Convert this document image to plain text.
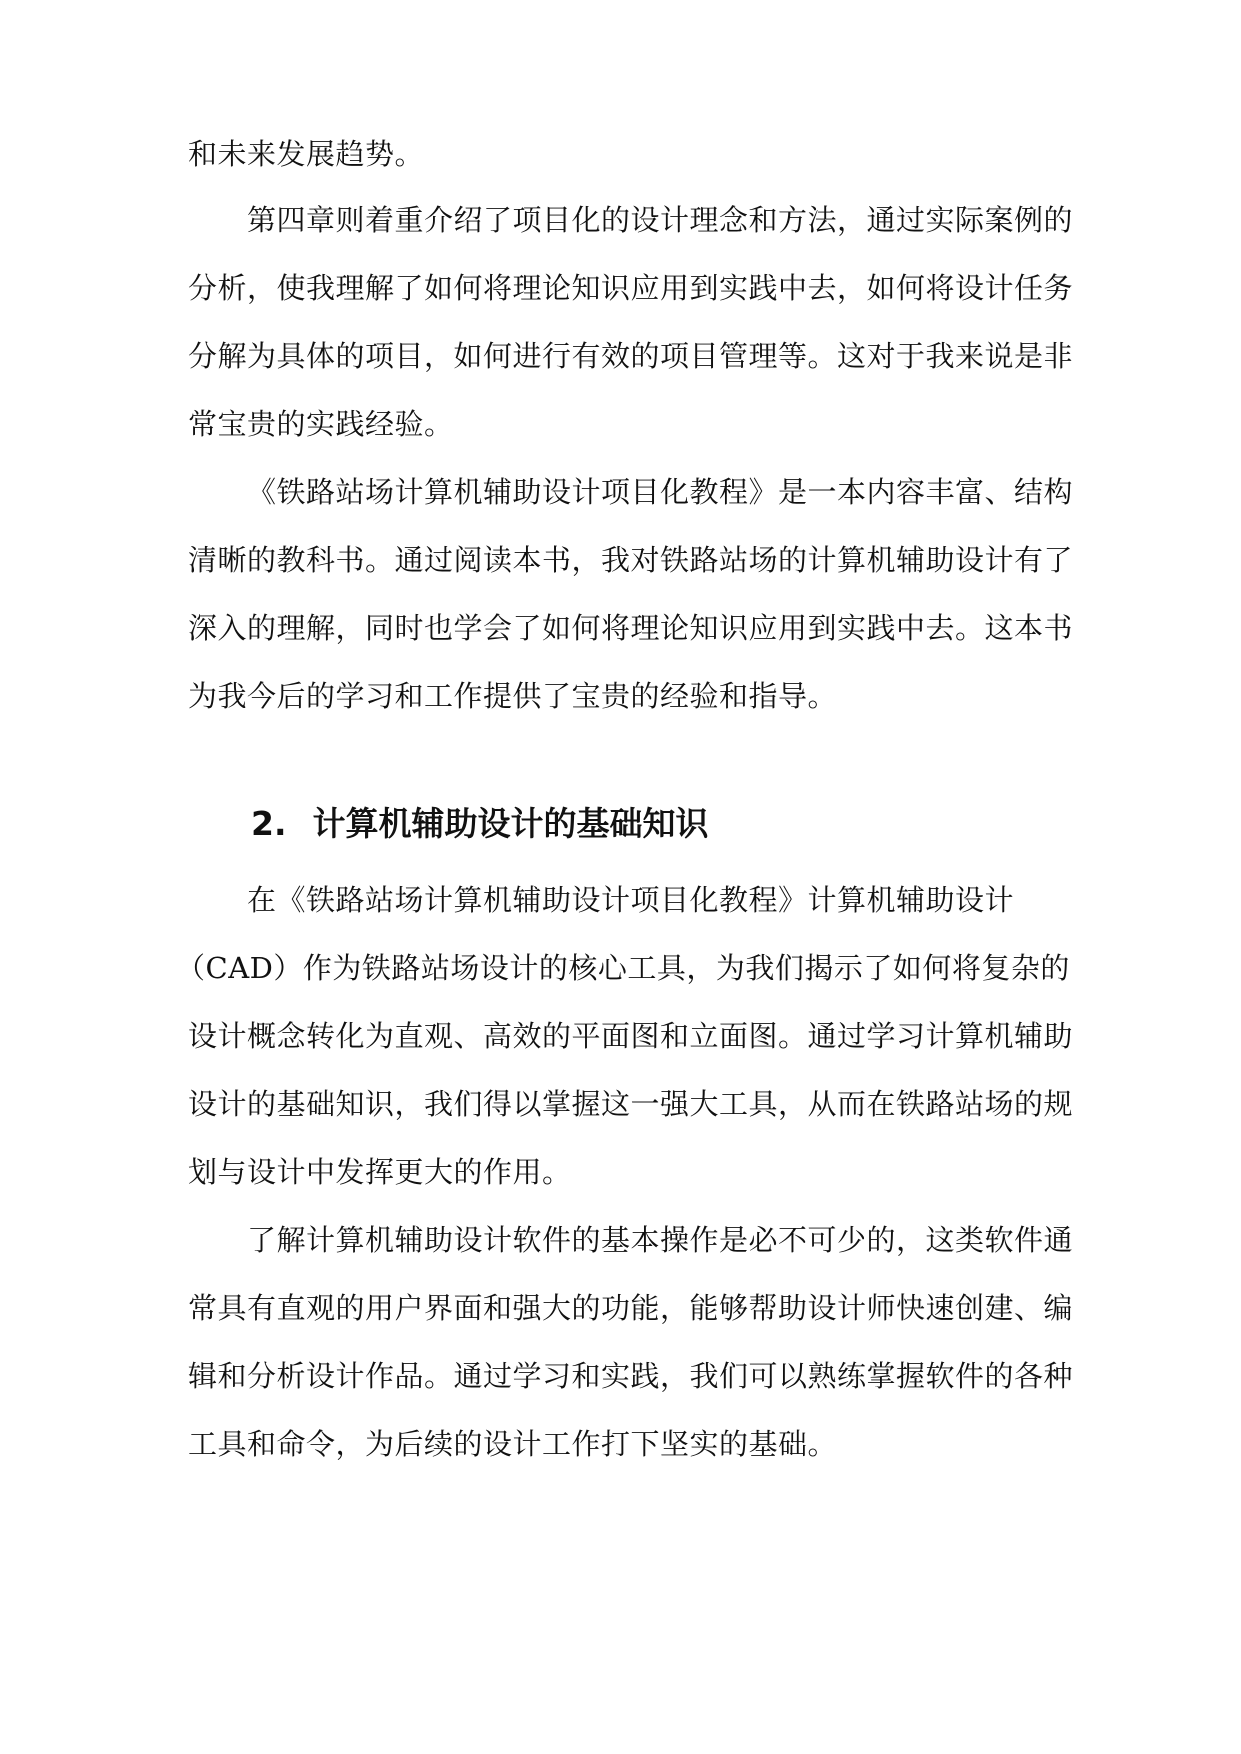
和未来发展趋势。
第四章则着重介绍了项目化的设计理念和方法，通过实际案例的
分析，使我理解了如何将理论知识应用到实践中去，如何将设计任务
分解为具体的项目，如何进行有效的项目管理等。这对于我来说是非
常宝贵的实践经验。
《铁路站场计算机辅助设计项目化教程》是一本内容丰富、结构
清晰的教科书。通过阅读本书，我对铁路站场的计算机辅助设计有了
深入的理解，同时也学会了如何将理论知识应用到实践中去。这本书
为我今后的学习和工作提供了宝贵的经验和指导。
2. 计算机辅助设计的基础知识
在《铁路站场计算机辅助设计项目化教程》计算机辅助设计
（CAD）作为铁路站场设计的核心工具，为我们揭示了如何将复杂的
设计概念转化为直观、高效的平面图和立面图。通过学习计算机辅助
设计的基础知识，我们得以掌握这一强大工具，从而在铁路站场的规
划与设计中发挥更大的作用。
了解计算机辅助设计软件的基本操作是必不可少的，这类软件通
常具有直观的用户界面和强大的功能，能够帮助设计师快速创建、编
辑和分析设计作品。通过学习和实践，我们可以熟练掌握软件的各种
工具和命令，为后续的设计工作打下坚实的基础。
